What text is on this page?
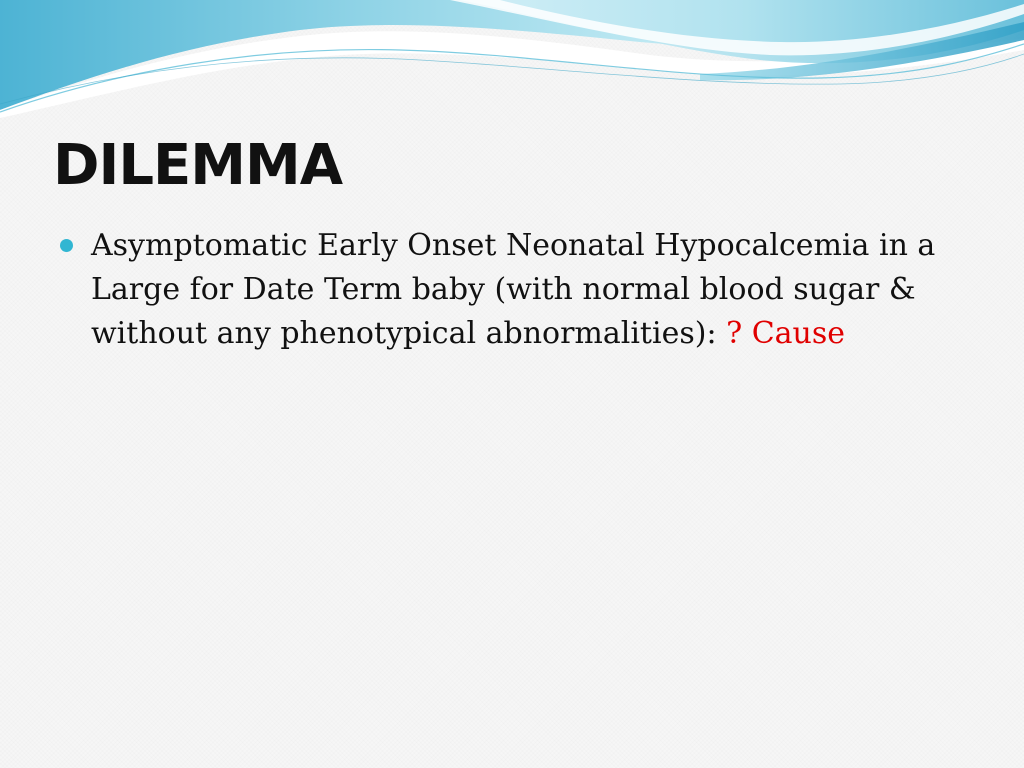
DILEMMA
Asymptomatic Early Onset Neonatal Hypocalcemia in a Large for Date Term baby (with normal blood sugar & without any phenotypical abnormalities): ? Cause
